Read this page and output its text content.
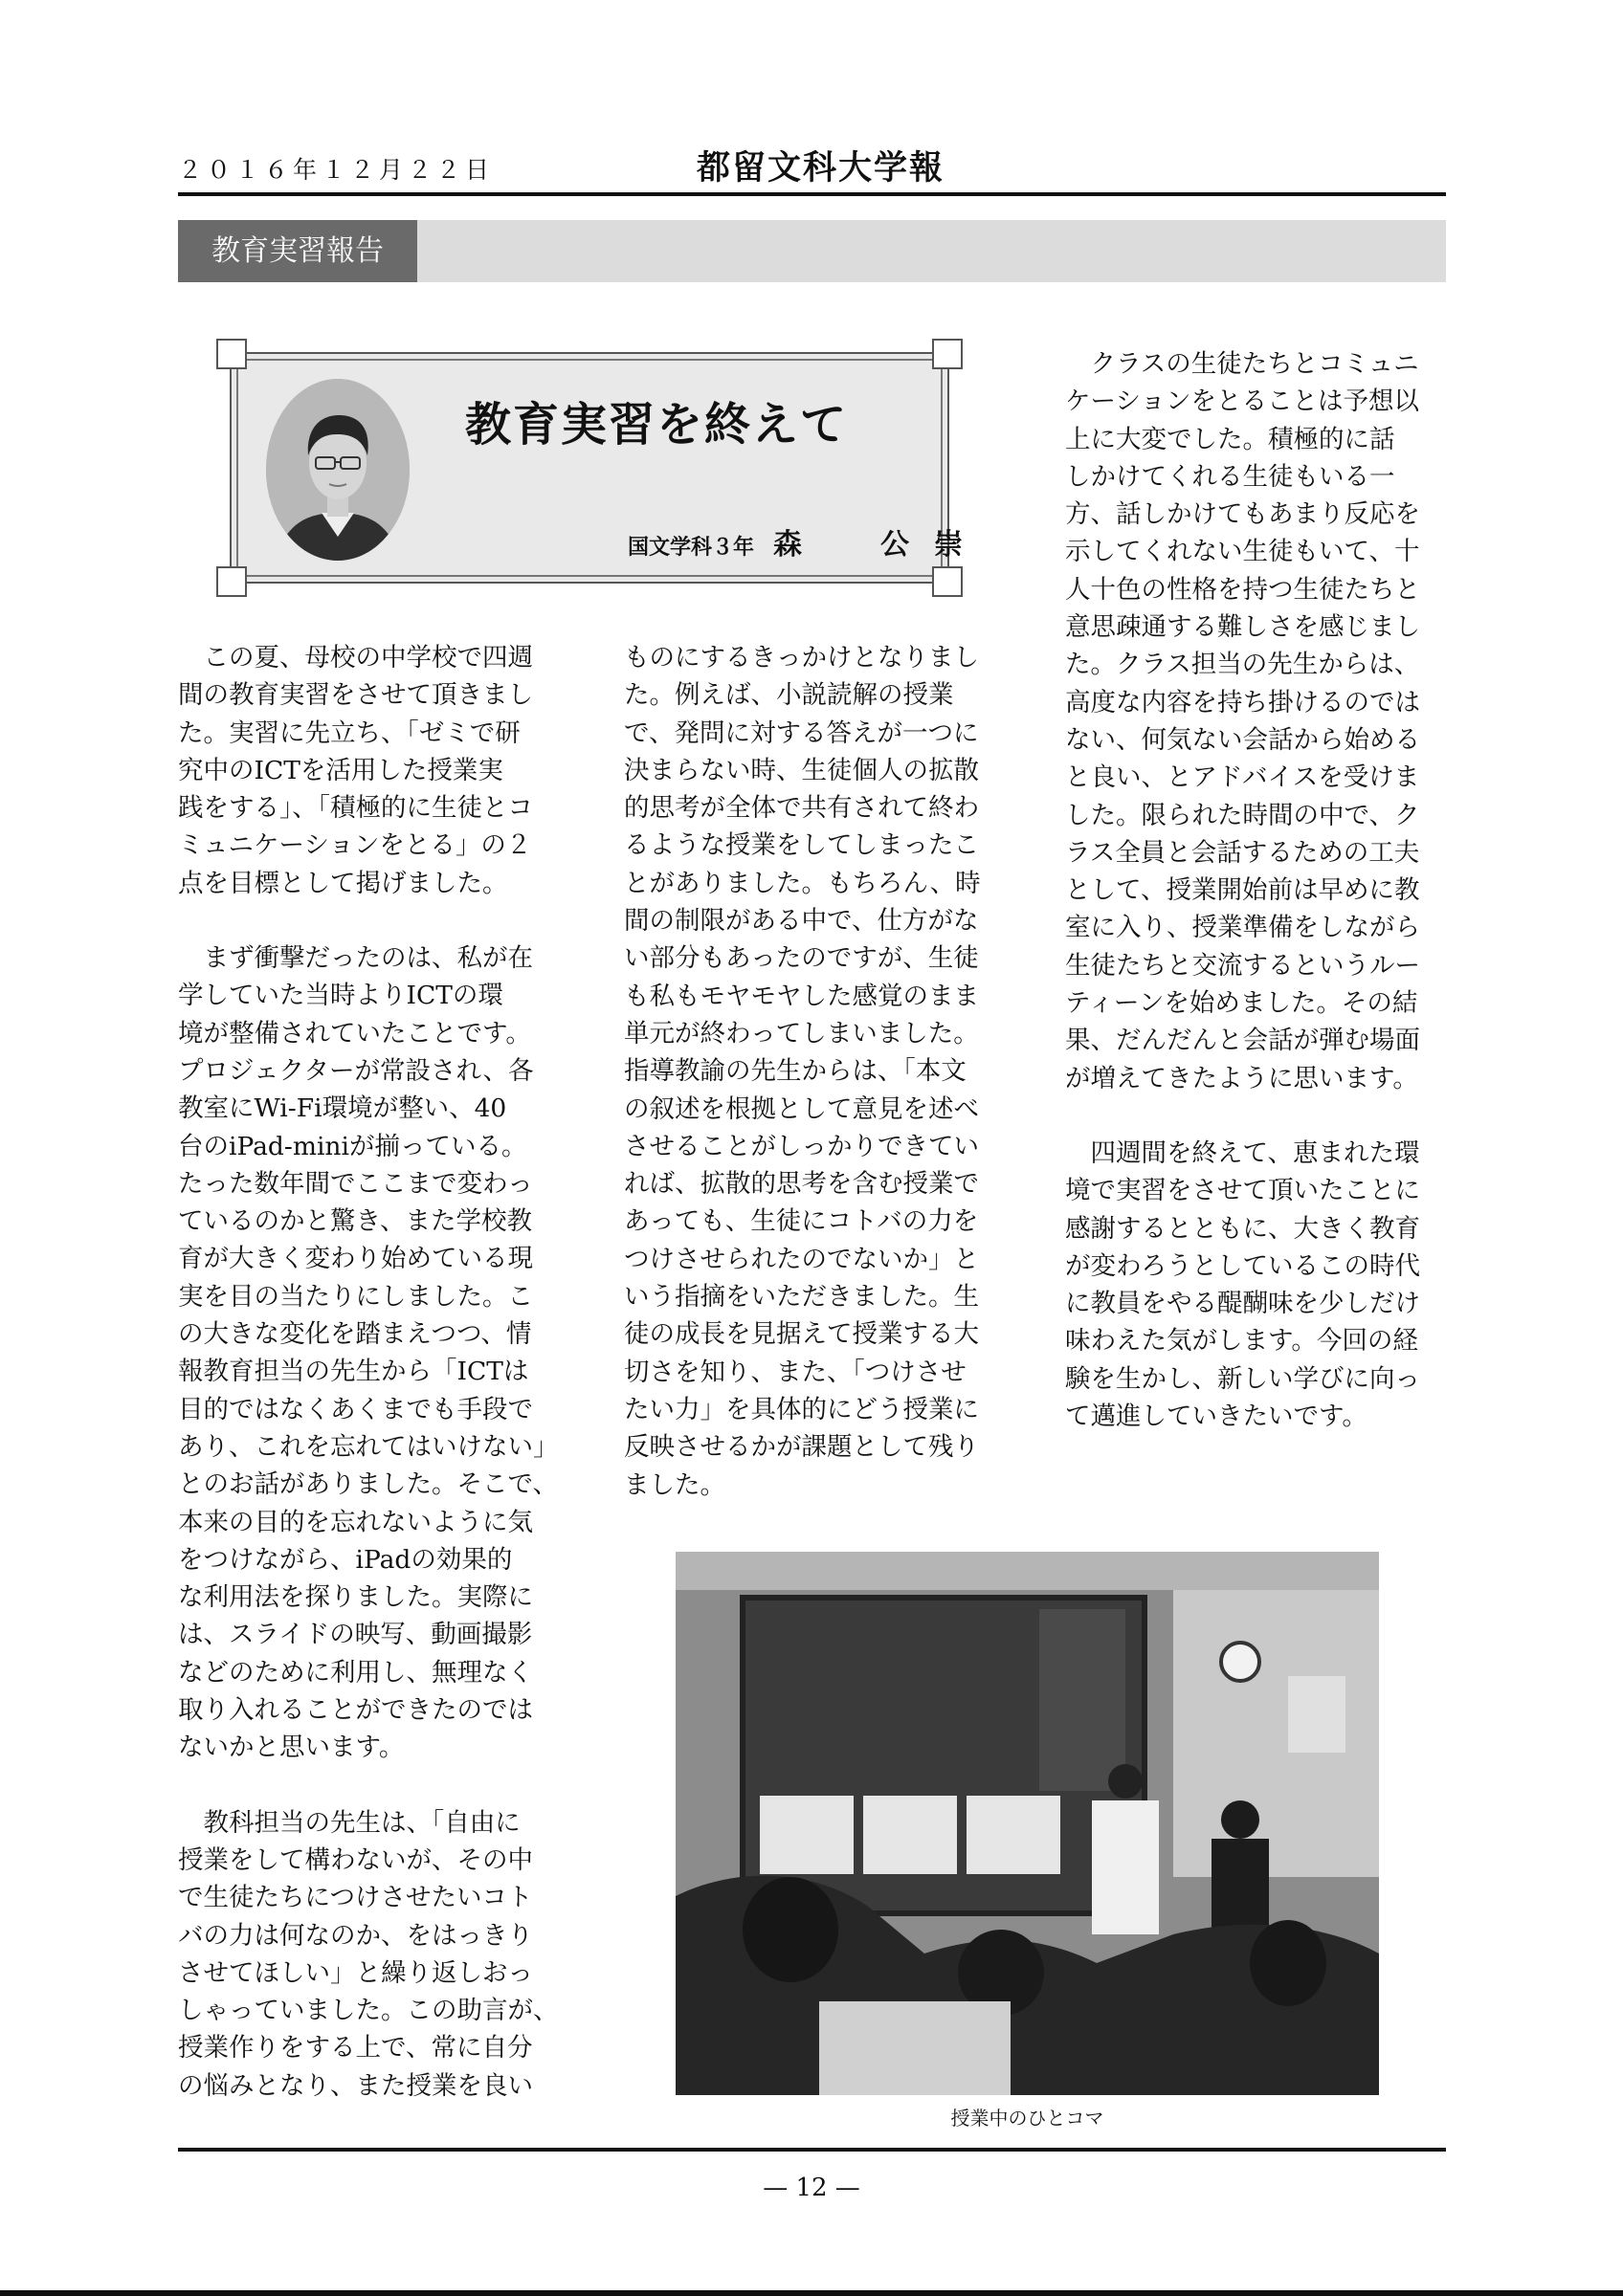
２０１６年１２月２２日	都留文科大学報
教育実習報告
教育実習を終えて
国文学科３年 森　公崇

この夏、母校の中学校で四週

間の教育実習をさせて頂きまし

た。実習に先立ち、「ゼミで研

究中のICTを活用した授業実

践をする」、「積極的に生徒とコ

ミュニケーションをとる」の２

点を目標として掲げました。

まず衝撃だったのは、私が在

学していた当時よりICTの環

境が整備されていたことです。

プロジェクターが常設され、各

教室にWi-Fi環境が整い、40

台のiPad-miniが揃っている。

たった数年間でここまで変わっ

ているのかと驚き、また学校教

育が大きく変わり始めている現

実を目の当たりにしました。こ

の大きな変化を踏まえつつ、情

報教育担当の先生から「ICTは

目的ではなくあくまでも手段で

あり、これを忘れてはいけない」

とのお話がありました。そこで、

本来の目的を忘れないように気

をつけながら、iPadの効果的

な利用法を探りました。実際に

は、スライドの映写、動画撮影

などのために利用し、無理なく

取り入れることができたのでは

ないかと思います。

教科担当の先生は、「自由に

授業をして構わないが、その中

で生徒たちにつけさせたいコト

バの力は何なのか、をはっきり

させてほしい」と繰り返しおっ

しゃっていました。この助言が、

授業作りをする上で、常に自分

の悩みとなり、また授業を良い

ものにするきっかけとなりまし

た。例えば、小説読解の授業

で、発問に対する答えが一つに

決まらない時、生徒個人の拡散

的思考が全体で共有されて終わ

るような授業をしてしまったこ

とがありました。もちろん、時

間の制限がある中で、仕方がな

い部分もあったのですが、生徒

も私もモヤモヤした感覚のまま

単元が終わってしまいました。

指導教諭の先生からは、「本文

の叙述を根拠として意見を述べ

させることがしっかりできてい

れば、拡散的思考を含む授業で

あっても、生徒にコトバの力を

つけさせられたのでないか」と

いう指摘をいただきました。生

徒の成長を見据えて授業する大

切さを知り、また、「つけさせ

たい力」を具体的にどう授業に

反映させるかが課題として残り

ました。

クラスの生徒たちとコミュニ

ケーションをとることは予想以

上に大変でした。積極的に話

しかけてくれる生徒もいる一

方、話しかけてもあまり反応を

示してくれない生徒もいて、十

人十色の性格を持つ生徒たちと

意思疎通する難しさを感じまし

た。クラス担当の先生からは、

高度な内容を持ち掛けるのでは

ない、何気ない会話から始める

と良い、とアドバイスを受けま

した。限られた時間の中で、ク

ラス全員と会話するための工夫

として、授業開始前は早めに教

室に入り、授業準備をしながら

生徒たちと交流するというルー

ティーンを始めました。その結

果、だんだんと会話が弾む場面

が増えてきたように思います。

四週間を終えて、恵まれた環

境で実習をさせて頂いたことに

感謝するとともに、大きく教育

が変わろうとしているこの時代

に教員をやる醍醐味を少しだけ

味わえた気がします。今回の経

験を生かし、新しい学びに向っ

て邁進していきたいです。

授業中のひとコマ
— 12 —
